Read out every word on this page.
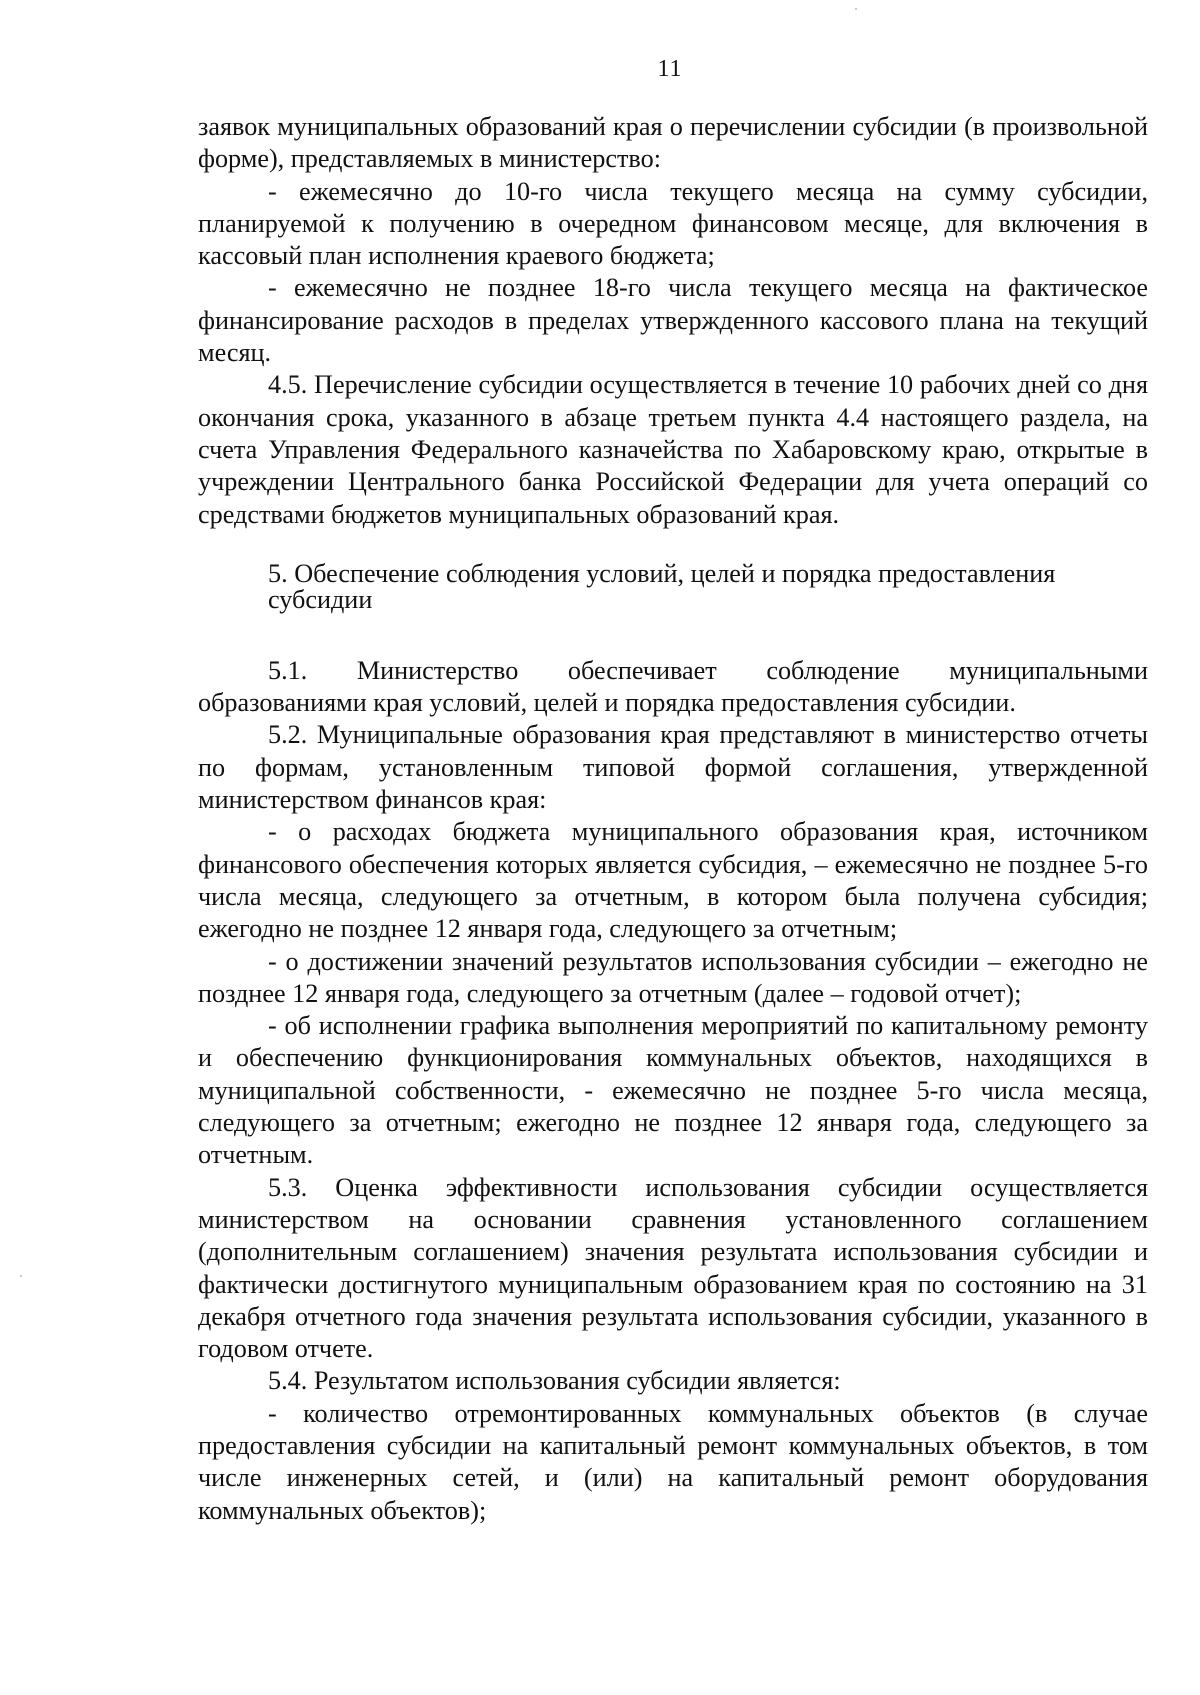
11

заявок муниципальных образований края о перечислении субсидии (в произвольной форме), представляемых в министерство:

- ежемесячно до 10-го числа текущего месяца на сумму субсидии, планируемой к получению в очередном финансовом месяце, для включения в кассовый план исполнения краевого бюджета;

- ежемесячно не позднее 18-го числа текущего месяца на фактическое финансирование расходов в пределах утвержденного кассового плана на текущий месяц.

4.5. Перечисление субсидии осуществляется в течение 10 рабочих дней со дня окончания срока, указанного в абзаце третьем пункта 4.4 настоящего раздела, на счета Управления Федерального казначейства по Хабаровскому краю, открытые в учреждении Центрального банка Российской Федерации для учета операций со средствами бюджетов муниципальных образований края.

5. Обеспечение соблюдения условий, целей и порядка предоставления субсидии

5.1. Министерство обеспечивает соблюдение муниципальными образованиями края условий, целей и порядка предоставления субсидии.

5.2. Муниципальные образования края представляют в министерство отчеты по формам, установленным типовой формой соглашения, утвержденной министерством финансов края:

- о расходах бюджета муниципального образования края, источником финансового обеспечения которых является субсидия, – ежемесячно не позднее 5-го числа месяца, следующего за отчетным, в котором была получена субсидия; ежегодно не позднее 12 января года, следующего за отчетным;

- о достижении значений результатов использования субсидии – ежегодно не позднее 12 января года, следующего за отчетным (далее – годовой отчет);

- об исполнении графика выполнения мероприятий по капитальному ремонту и обеспечению функционирования коммунальных объектов, находящихся в муниципальной собственности, - ежемесячно не позднее 5-го числа месяца, следующего за отчетным; ежегодно не позднее 12 января года, следующего за отчетным.

5.3. Оценка эффективности использования субсидии осуществляется министерством на основании сравнения установленного соглашением (дополнительным соглашением) значения результата использования субсидии и фактически достигнутого муниципальным образованием края по состоянию на 31 декабря отчетного года значения результата использования субсидии, указанного в годовом отчете.

5.4. Результатом использования субсидии является:

- количество отремонтированных коммунальных объектов (в случае предоставления субсидии на капитальный ремонт коммунальных объектов, в том числе инженерных сетей, и (или) на капитальный ремонт оборудования коммунальных объектов);
